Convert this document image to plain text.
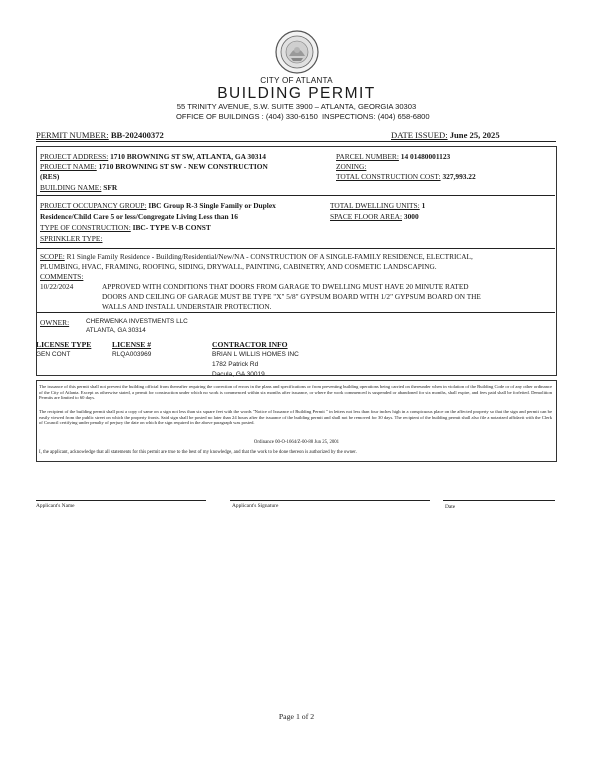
CITY OF ATLANTA
BUILDING PERMIT
55 TRINITY AVENUE, S.W. SUITE 3900 – ATLANTA, GEORGIA 30303
OFFICE OF BUILDINGS : (404) 330-6150 INSPECTIONS: (404) 658-6800
PERMIT NUMBER: BB-202400372	DATE ISSUED: June 25, 2025
PROJECT ADDRESS: 1710 BROWNING ST SW, ATLANTA, GA 30314
PROJECT NAME: 1710 BROWNING ST SW - NEW CONSTRUCTION
(RES)
BUILDING NAME: SFR
PARCEL NUMBER: 14 01480001123
ZONING:
TOTAL CONSTRUCTION COST: 327,993.22
PROJECT OCCUPANCY GROUP: IBC Group R-3 Single Family or Duplex
Residence/Child Care 5 or less/Congregate Living Less than 16
TYPE OF CONSTRUCTION: IBC- TYPE V-B CONST
SPRINKLER TYPE:
TOTAL DWELLING UNITS: 1
SPACE FLOOR AREA: 3000
SCOPE: R1 Single Family Residence - Building/Residential/New/NA - CONSTRUCTION OF A SINGLE-FAMILY RESIDENCE, ELECTRICAL,
PLUMBING, HVAC, FRAMING, ROOFING, SIDING, DRYWALL, PAINTING, CABINETRY, AND COSMETIC LANDSCAPING.
COMMENTS:
10/22/2024	APPROVED WITH CONDITIONS THAT DOORS FROM GARAGE TO DWELLING MUST HAVE 20 MINUTE RATED
DOORS AND CEILING OF GARAGE MUST BE TYPE "X" 5/8" GYPSUM BOARD WITH 1/2" GYPSUM BOARD ON THE
WALLS AND INSTALL UNDERSTAIR PROTECTION.
OWNER:	CHERWENKA INVESTMENTS LLC
ATLANTA, GA 30314
LICENSE TYPE	LICENSE #	CONTRACTOR INFO
GEN CONT	RLQA003969	BRIAN L WILLIS HOMES INC
1782 Patrick Rd
Dacula, GA 30019
The issuance of this permit shall not prevent the building official from thereafter requiring the correction of errors in the plans and specifications or from preventing building operations being carried on thereunder when in violation of the Building Code or of any other ordinance of the City of Atlanta. Except as otherwise stated, a permit for construction under which no work is commenced within six months after issuance, or where the work commenced is suspended or abandoned for six months, shall expire, and fees paid shall be forfeited. Demolition Permits are limited to 60 days.
The recipient of the building permit shall post a copy of same on a sign not less than six square feet with the words "Notice of Issuance of Building Permit " in letters not less than four inches high in a conspicuous place on the affected property so that the sign and permit can be easily viewed from the public street on which the property fronts. Said sign shall be posted no later than 24 hours after the issuance of the building permit and shall not be removed for 30 days. The recipient of the building permit shall also file a notarized affidavit with the Clerk of Council certifying under penalty of perjury the date on which the sign required in the above paragraph was posted.
Ordinance 00-O-1664/Z-00-88 Jun 25, 2001
I, the applicant, acknowledge that all statements for this permit are true to the best of my knowledge, and that the work to be done thereon is authorized by the owner.
Applicant's Name	Applicant's Signature	Date
Page 1 of 2
